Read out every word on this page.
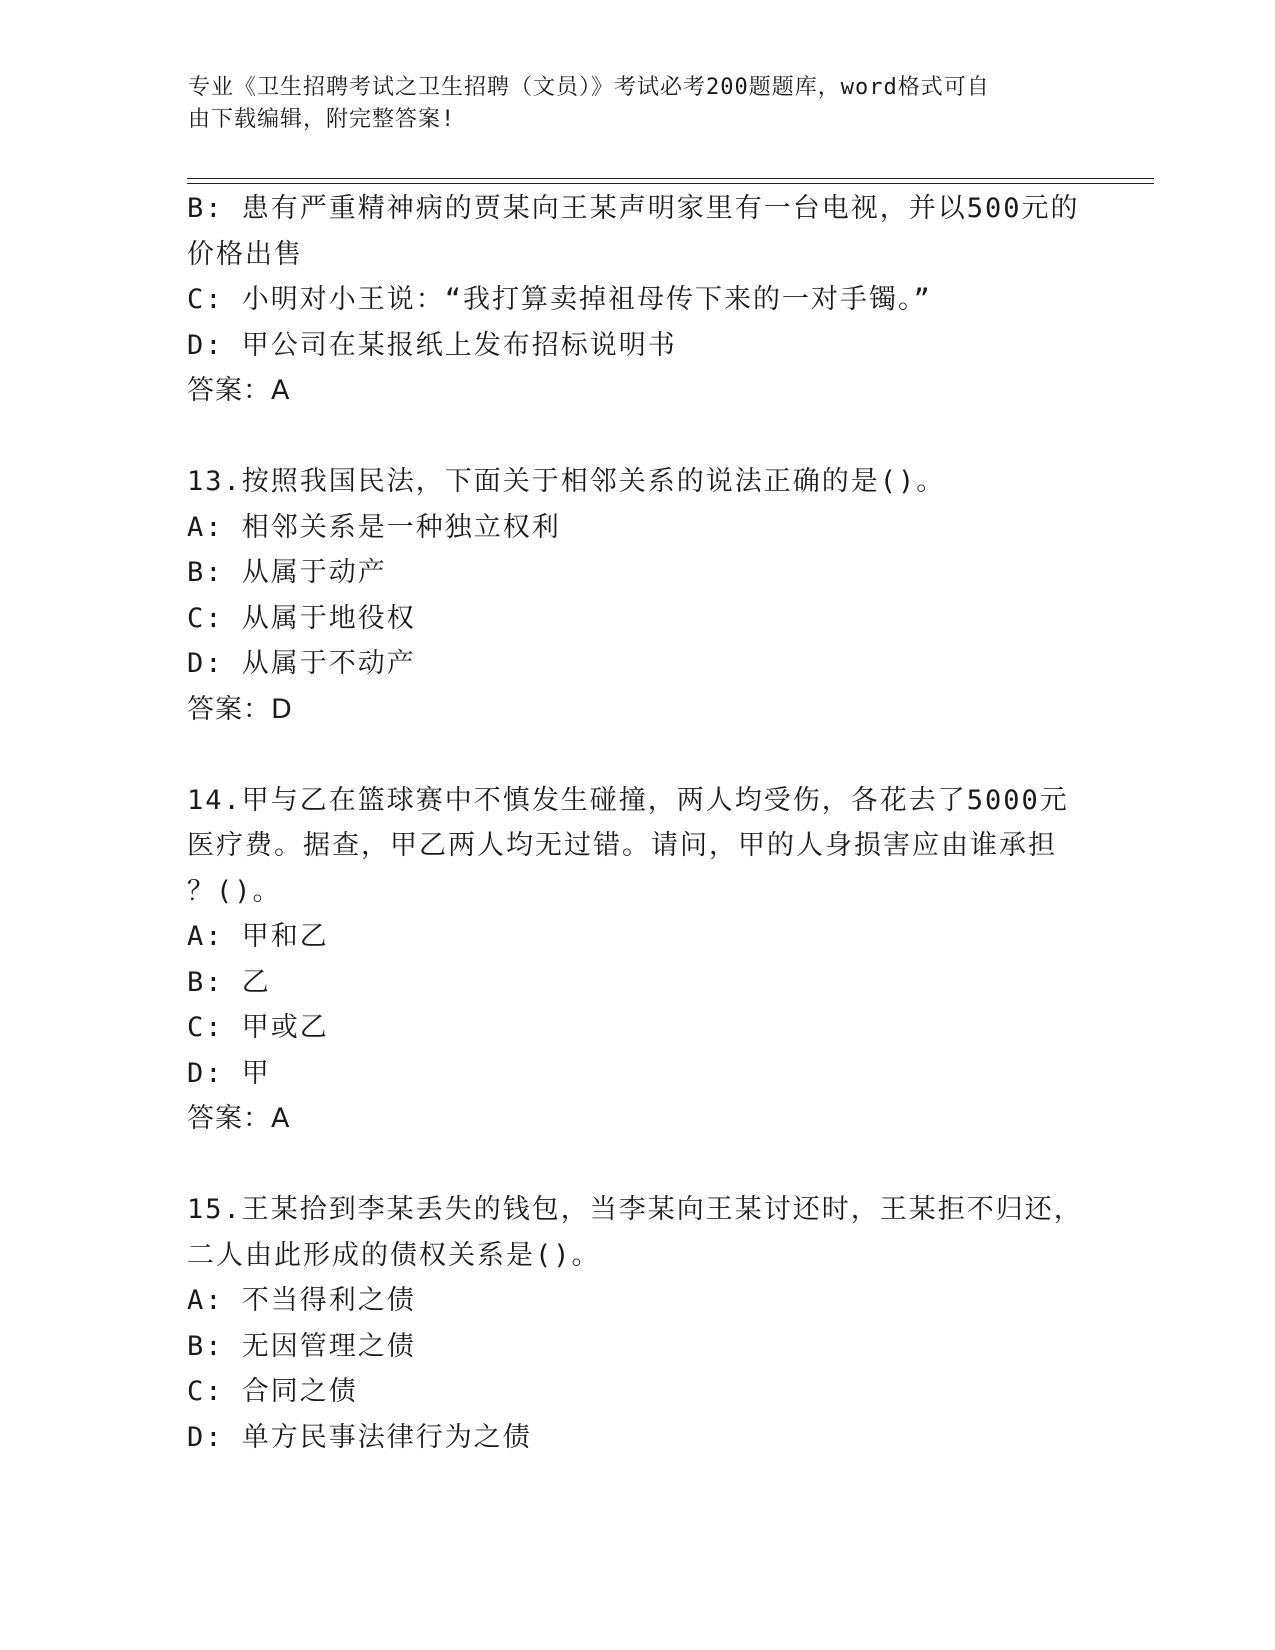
专业《卫生招聘考试之卫生招聘（文员）》考试必考200题题库，word格式可自
由下载编辑，附完整答案!
B: 患有严重精神病的贾某向王某声明家里有一台电视，并以500元的
价格出售
C: 小明对小王说：“我打算卖掉祖母传下来的一对手镯。”
D: 甲公司在某报纸上发布招标说明书
答案：A
13.按照我国民法，下面关于相邻关系的说法正确的是()。
A: 相邻关系是一种独立权利
B: 从属于动产
C: 从属于地役权
D: 从属于不动产
答案：D
14.甲与乙在篮球赛中不慎发生碰撞，两人均受伤，各花去了5000元
医疗费。据查，甲乙两人均无过错。请问，甲的人身损害应由谁承担
？()。
A: 甲和乙
B: 乙
C: 甲或乙
D: 甲
答案：A
15.王某拾到李某丢失的钱包，当李某向王某讨还时，王某拒不归还，
二人由此形成的债权关系是()。
A: 不当得利之债
B: 无因管理之债
C: 合同之债
D: 单方民事法律行为之债
